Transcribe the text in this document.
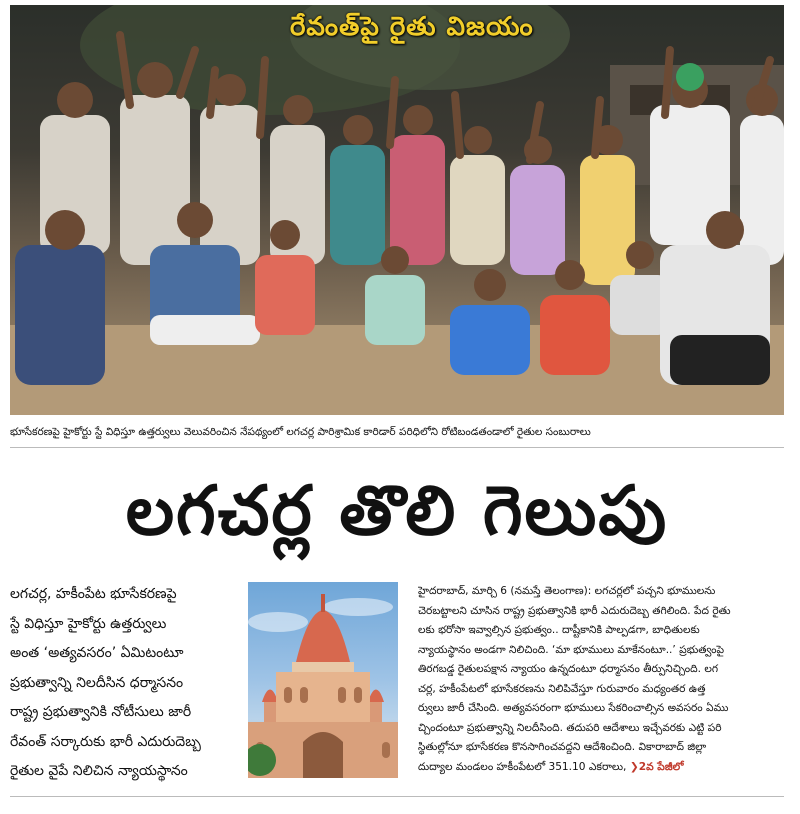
రేవంత్‌పై రైతు విజయం
భూసేకరణపై హైకోర్టు స్టే విధిస్తూ ఉత్తర్వులు వెలువరించిన నేపథ్యంలో లగచర్ల పారిశ్రామిక కారిడార్ పరిధిలోని రోటిబండతండాలో రైతుల సంబురాలు
లగచర్ల తొలి గెలుపు
లగచర్ల, హకీంపేట భూసేకరణపై
స్టే విధిస్తూ హైకోర్టు ఉత్తర్వులు
అంత ‘అత్యవసరం’ ఏమిటంటూ
ప్రభుత్వాన్ని నిలదీసిన ధర్మాసనం
రాష్ట్ర ప్రభుత్వానికి నోటీసులు జారీ
రేవంత్ సర్కారుకు భారీ ఎదురుదెబ్బ
రైతుల వైపే నిలిచిన న్యాయస్థానం
హైదరాబాద్, మార్చి 6 (నమస్తే తెలంగాణ): లగచర్లలో పచ్చని భూములను
చెరబట్టాలని చూసిన రాష్ట్ర ప్రభుత్వానికి భారీ ఎదురుదెబ్బ తగిలింది. పేద రైతు
లకు భరోసా ఇవ్వాల్సిన ప్రభుత్వం.. దాష్టీకానికి పాల్పడగా, బాధితులకు
న్యాయస్థానం అండగా నిలిచింది. ‘మా భూములు మాకేనంటూ..’ ప్రభుత్వంపై
తిరగబడ్డ రైతులపక్షాన న్యాయం ఉన్నదంటూ ధర్మాసనం తీర్పునిచ్చింది. లగ
చర్ల, హకీంపేటలో భూసేకరణను నిలిపివేస్తూ గురువారం మధ్యంతర ఉత్త
ర్వులు జారీ చేసింది. అత్యవసరంగా భూములు సేకరించాల్సిన అవసరం ఏము
చ్చిందంటూ ప్రభుత్వాన్ని నిలదీసింది. తదుపరి ఆదేశాలు ఇచ్చేవరకు ఎట్టి పరి
స్థితుల్లోనూ భూసేకరణ కొనసాగించవద్దని ఆదేశించింది. వికారాబాద్ జిల్లా
దుద్యాల మండలం హకీంపేటలో 351.10 ఎకరాలు, ❯2వ పేజీలో
